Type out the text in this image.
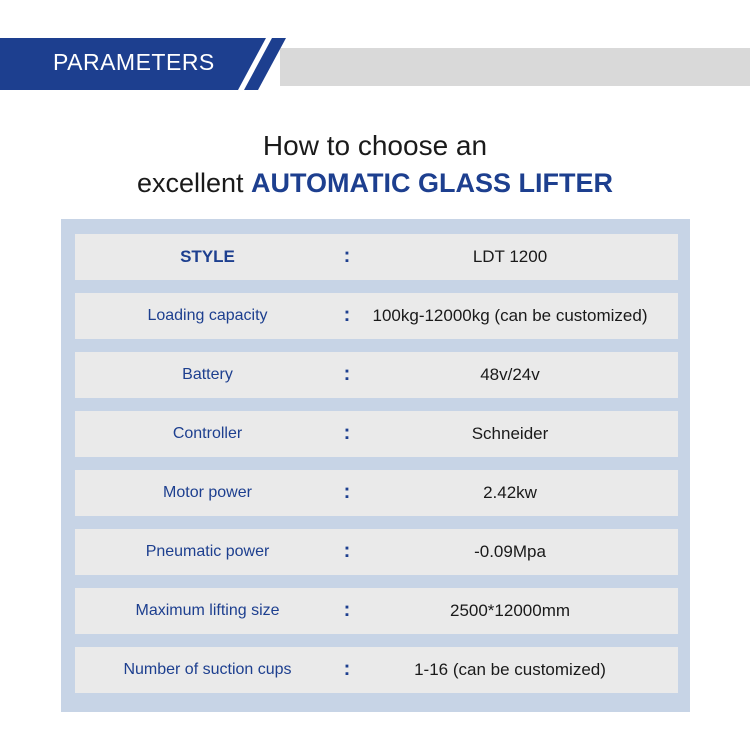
PARAMETERS
How to choose an
excellent AUTOMATIC GLASS LIFTER
STYLE	:	LDT 1200
Loading capacity	:	100kg-12000kg (can be customized)
Battery	:	48v/24v
Controller	:	Schneider
Motor power	:	2.42kw
Pneumatic power	:	-0.09Mpa
Maximum lifting size	:	2500*12000mm
Number of suction cups	:	1-16 (can be customized)
